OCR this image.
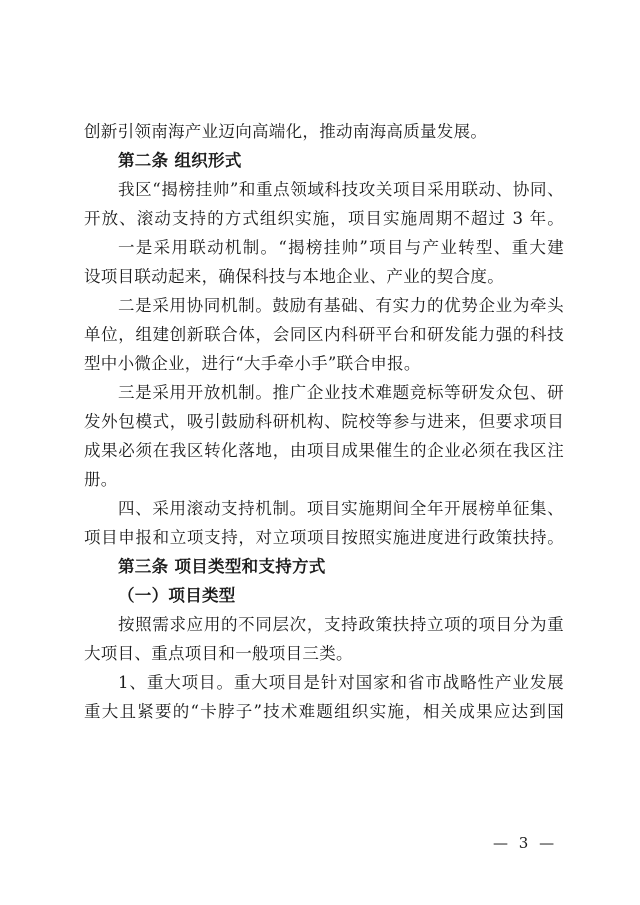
创新引领南海产业迈向高端化，推动南海高质量发展。
第二条 组织形式
我区“揭榜挂帅”和重点领域科技攻关项目采用联动、协同、
开放、滚动支持的方式组织实施，项目实施周期不超过 3 年。
一是采用联动机制。“揭榜挂帅”项目与产业转型、重大建
设项目联动起来，确保科技与本地企业、产业的契合度。
二是采用协同机制。鼓励有基础、有实力的优势企业为牵头
单位，组建创新联合体，会同区内科研平台和研发能力强的科技
型中小微企业，进行“大手牵小手”联合申报。
三是采用开放机制。推广企业技术难题竞标等研发众包、研
发外包模式，吸引鼓励科研机构、院校等参与进来，但要求项目
成果必须在我区转化落地，由项目成果催生的企业必须在我区注
册。
四、采用滚动支持机制。项目实施期间全年开展榜单征集、
项目申报和立项支持，对立项项目按照实施进度进行政策扶持。
第三条 项目类型和支持方式
（一）项目类型
按照需求应用的不同层次，支持政策扶持立项的项目分为重
大项目、重点项目和一般项目三类。
1、重大项目。重大项目是针对国家和省市战略性产业发展
重大且紧要的“卡脖子”技术难题组织实施，相关成果应达到国
— 3 —
